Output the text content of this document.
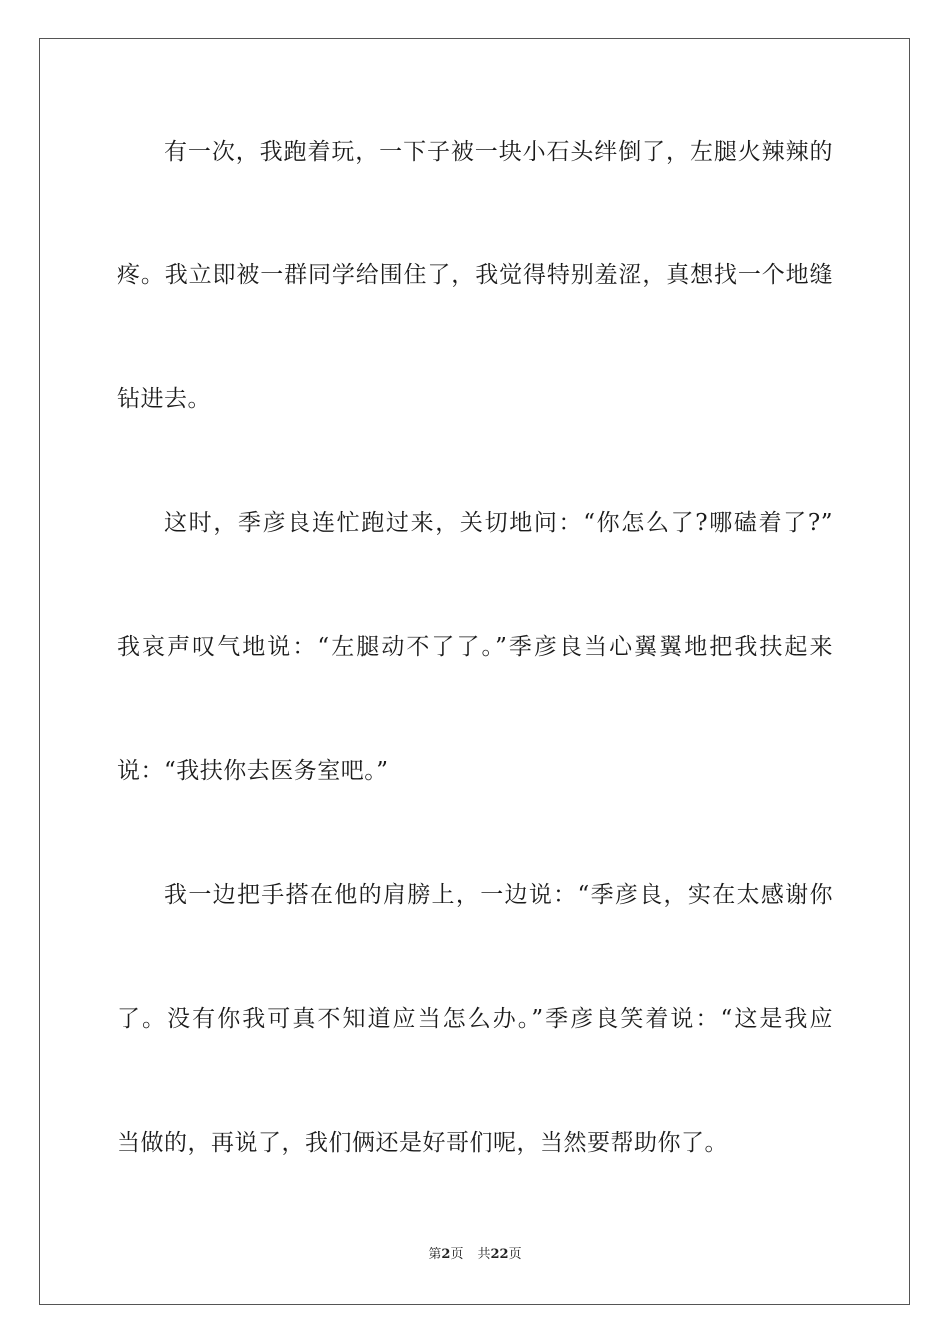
有一次，我跑着玩，一下子被一块小石头绊倒了，左腿火辣辣的
疼。我立即被一群同学给围住了，我觉得特别羞涩，真想找一个地缝
钻进去。
这时，季彦良连忙跑过来，关切地问：“你怎么了?哪磕着了?”
我哀声叹气地说：“左腿动不了了。”季彦良当心翼翼地把我扶起来
说：“我扶你去医务室吧。”
我一边把手搭在他的肩膀上，一边说：“季彦良，实在太感谢你
了。没有你我可真不知道应当怎么办。”季彦良笑着说：“这是我应
当做的，再说了，我们俩还是好哥们呢，当然要帮助你了。
第2页 共22页
